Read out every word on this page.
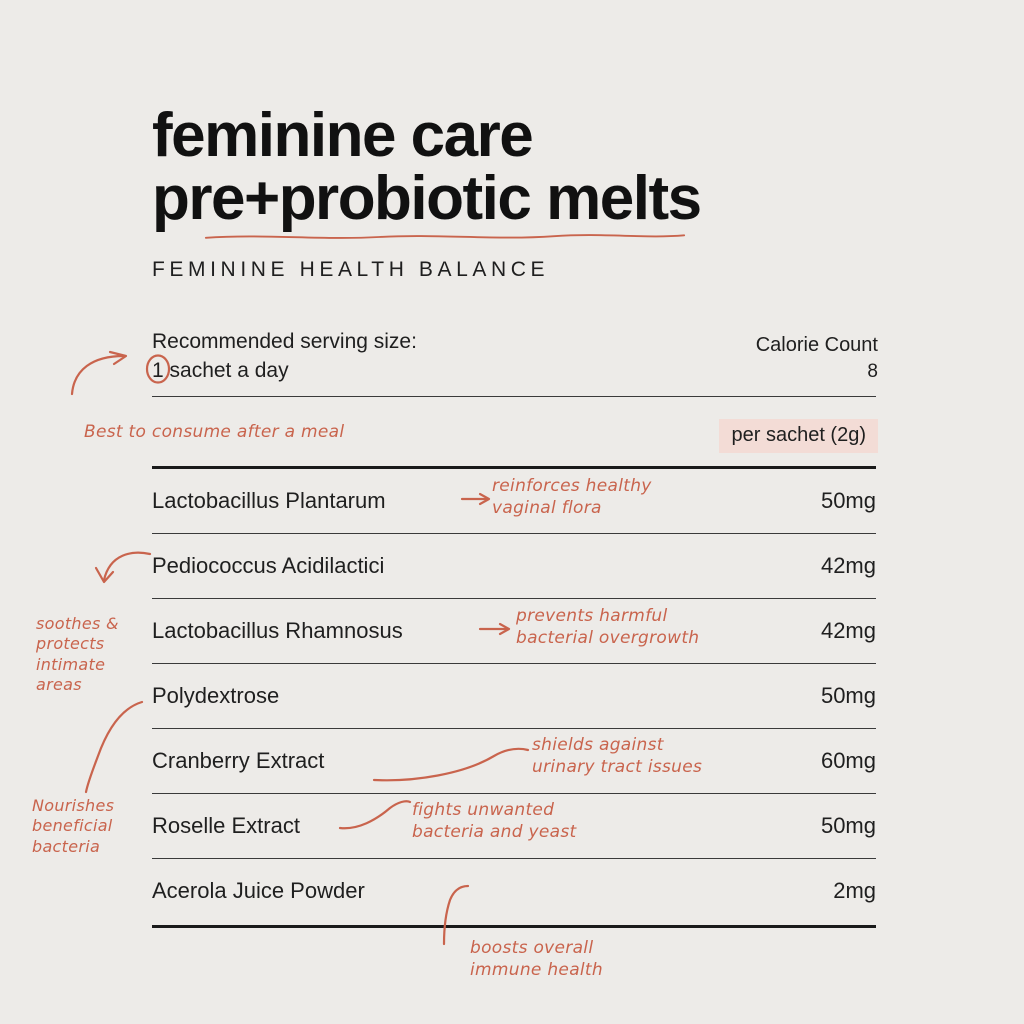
feminine care
pre+probiotic melts
FEMININE HEALTH BALANCE
Recommended serving size:
1 sachet a day
Calorie Count
8
per sachet (2g)
Lactobacillus Plantarum	50mg
Pediococcus Acidilactici	42mg
Lactobacillus Rhamnosus	42mg
Polydextrose	50mg
Cranberry Extract	60mg
Roselle Extract	50mg
Acerola Juice Powder	2mg
Best to consume after a meal
reinforces healthy
vaginal flora
soothes &
protects
intimate
areas
prevents harmful
bacterial overgrowth
Nourishes
beneficial
bacteria
shields against
urinary tract issues
fights unwanted
bacteria and yeast
boosts overall
immune health
